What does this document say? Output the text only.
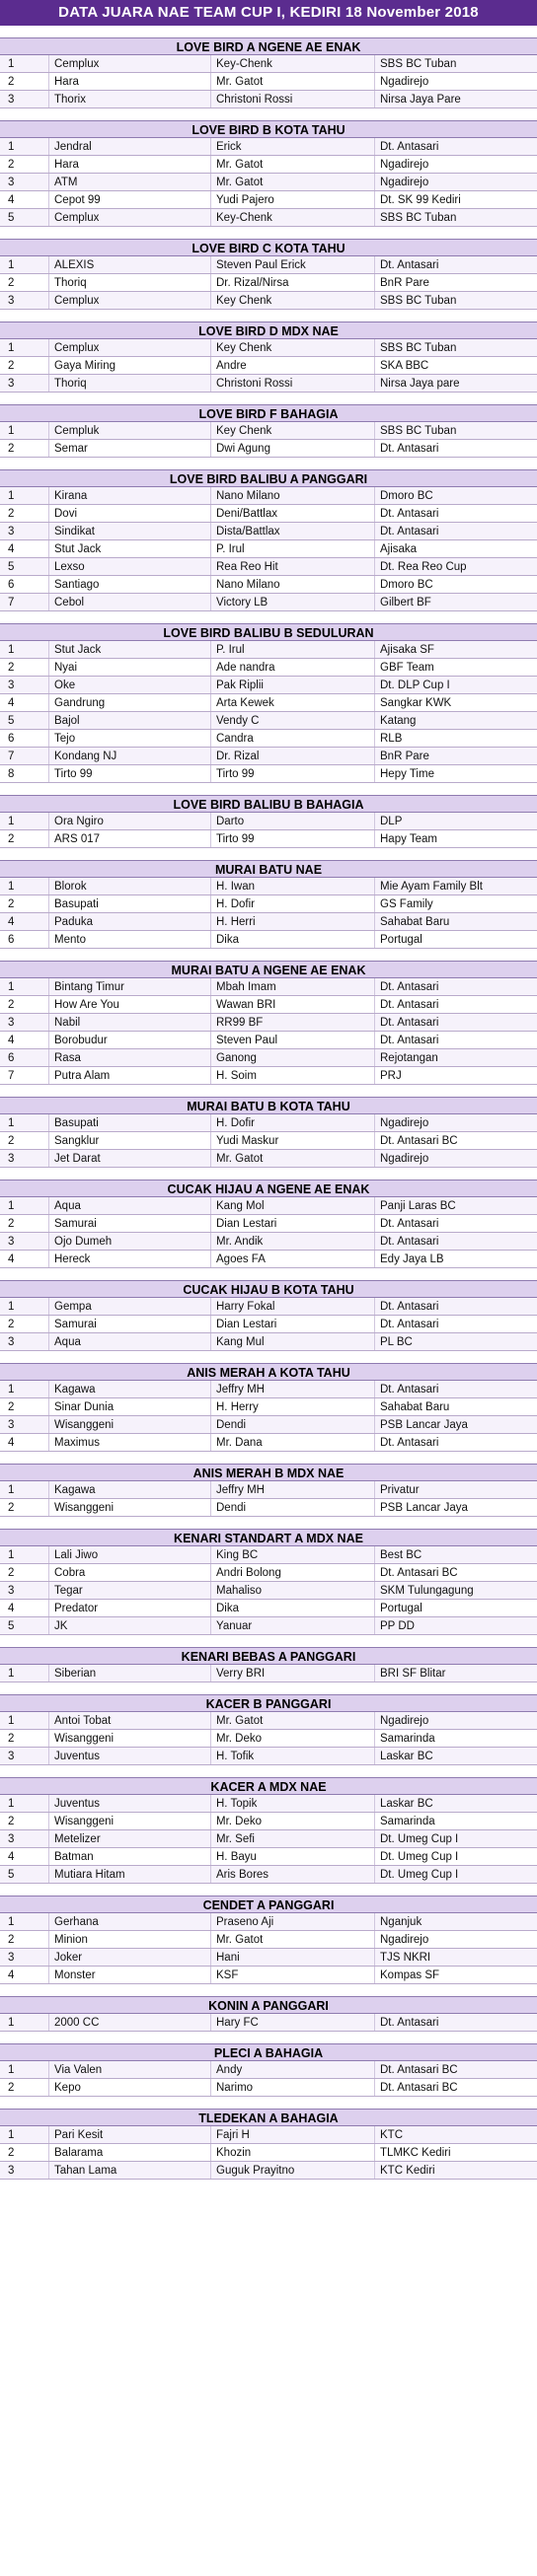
DATA JUARA NAE TEAM CUP I, KEDIRI 18 November 2018
LOVE BIRD A NGENE AE ENAK
1	Cemplux	Key-Chenk	SBS BC Tuban
2	Hara	Mr. Gatot	Ngadirejo
3	Thorix	Christoni Rossi	Nirsa Jaya Pare
LOVE BIRD B KOTA TAHU
1	Jendral	Erick	Dt. Antasari
2	Hara	Mr. Gatot	Ngadirejo
3	ATM	Mr. Gatot	Ngadirejo
4	Cepot 99	Yudi Pajero	Dt. SK 99 Kediri
5	Cemplux	Key-Chenk	SBS BC Tuban
LOVE BIRD C KOTA TAHU
1	ALEXIS	Steven Paul Erick	Dt. Antasari
2	Thoriq	Dr. Rizal/Nirsa	BnR Pare
3	Cemplux	Key Chenk	SBS BC Tuban
LOVE BIRD D MDX NAE
1	Cemplux	Key Chenk	SBS BC Tuban
2	Gaya Miring	Andre	SKA BBC
3	Thoriq	Christoni Rossi	Nirsa Jaya pare
LOVE BIRD F BAHAGIA
1	Cempluk	Key Chenk	SBS BC Tuban
2	Semar	Dwi Agung	Dt. Antasari
LOVE BIRD BALIBU A PANGGARI
1	Kirana	Nano Milano	Dmoro BC
2	Dovi	Deni/Battlax	Dt. Antasari
3	Sindikat	Dista/Battlax	Dt. Antasari
4	Stut Jack	P. Irul	Ajisaka
5	Lexso	Rea Reo Hit	Dt. Rea Reo Cup
6	Santiago	Nano Milano	Dmoro BC
7	Cebol	Victory LB	Gilbert BF
LOVE BIRD BALIBU B SEDULURAN
1	Stut Jack	P. Irul	Ajisaka SF
2	Nyai	Ade nandra	GBF Team
3	Oke	Pak Riplii	Dt. DLP Cup I
4	Gandrung	Arta Kewek	Sangkar KWK
5	Bajol	Vendy C	Katang
6	Tejo	Candra	RLB
7	Kondang NJ	Dr. Rizal	BnR Pare
8	Tirto 99	Tirto 99	Hepy Time
LOVE BIRD BALIBU B BAHAGIA
1	Ora Ngiro	Darto	DLP
2	ARS 017	Tirto 99	Hapy Team
MURAI BATU NAE
1	Blorok	H. Iwan	Mie Ayam Family Blt
2	Basupati	H. Dofir	GS Family
4	Paduka	H. Herri	Sahabat Baru
6	Mento	Dika	Portugal
MURAI BATU A NGENE AE ENAK
1	Bintang Timur	Mbah Imam	Dt. Antasari
2	How Are You	Wawan BRI	Dt. Antasari
3	Nabil	RR99 BF	Dt. Antasari
4	Borobudur	Steven Paul	Dt. Antasari
6	Rasa	Ganong	Rejotangan
7	Putra Alam	H. Soim	PRJ
MURAI BATU B KOTA TAHU
1	Basupati	H. Dofir	Ngadirejo
2	Sangklur	Yudi Maskur	Dt. Antasari BC
3	Jet Darat	Mr. Gatot	Ngadirejo
CUCAK HIJAU A NGENE AE ENAK
1	Aqua	Kang Mol	Panji Laras BC
2	Samurai	Dian Lestari	Dt. Antasari
3	Ojo Dumeh	Mr. Andik	Dt. Antasari
4	Hereck	Agoes FA	Edy Jaya LB
CUCAK HIJAU B KOTA TAHU
1	Gempa	Harry Fokal	Dt. Antasari
2	Samurai	Dian Lestari	Dt. Antasari
3	Aqua	Kang Mul	PL BC
ANIS MERAH A KOTA TAHU
1	Kagawa	Jeffry MH	Dt. Antasari
2	Sinar Dunia	H. Herry	Sahabat Baru
3	Wisanggeni	Dendi	PSB Lancar Jaya
4	Maximus	Mr. Dana	Dt. Antasari
ANIS MERAH B MDX NAE
1	Kagawa	Jeffry MH	Privatur
2	Wisanggeni	Dendi	PSB Lancar Jaya
KENARI STANDART A MDX NAE
1	Lali Jiwo	King BC	Best BC
2	Cobra	Andri Bolong	Dt. Antasari BC
3	Tegar	Mahaliso	SKM Tulungagung
4	Predator	Dika	Portugal
5	JK	Yanuar	PP DD
KENARI BEBAS A PANGGARI
1	Siberian	Verry BRI	BRI SF Blitar
KACER B PANGGARI
1	Antoi Tobat	Mr. Gatot	Ngadirejo
2	Wisanggeni	Mr. Deko	Samarinda
3	Juventus	H. Tofik	Laskar BC
KACER A MDX NAE
1	Juventus	H. Topik	Laskar BC
2	Wisanggeni	Mr. Deko	Samarinda
3	Metelizer	Mr. Sefi	Dt. Umeg Cup I
4	Batman	H. Bayu	Dt. Umeg Cup I
5	Mutiara Hitam	Aris Bores	Dt. Umeg Cup I
CENDET A PANGGARI
1	Gerhana	Praseno Aji	Nganjuk
2	Minion	Mr. Gatot	Ngadirejo
3	Joker	Hani	TJS NKRI
4	Monster	KSF	Kompas SF
KONIN A PANGGARI
1	2000 CC	Hary FC	Dt. Antasari
PLECI A BAHAGIA
1	Via Valen	Andy	Dt. Antasari BC
2	Kepo	Narimo	Dt. Antasari BC
TLEDEKAN A BAHAGIA
1	Pari Kesit	Fajri H	KTC
2	Balarama	Khozin	TLMKC Kediri
3	Tahan Lama	Guguk Prayitno	KTC Kediri
